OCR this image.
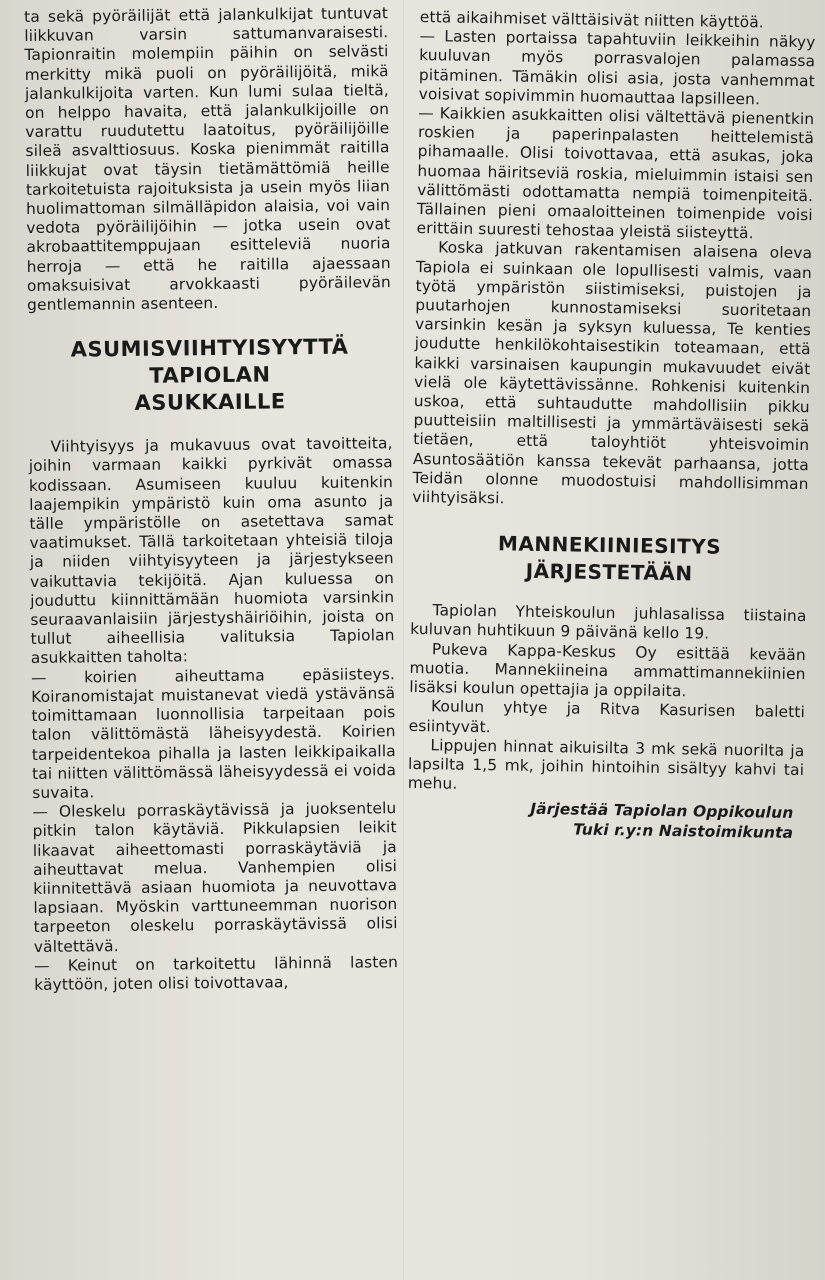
ta sekä pyöräilijät että jalankulkijat tuntuvat liikkuvan varsin sattumanvaraisesti. Tapionraitin molempiin päihin on selvästi merkitty mikä puoli on pyöräilijöitä, mikä jalankulkijoita varten. Kun lumi sulaa tieltä, on helppo havaita, että jalankulkijoille on varattu ruudutettu laatoitus, pyöräilijöille sileä asvalttiosuus. Koska pienimmät raitilla liikkujat ovat täysin tietämättömiä heille tarkoitetuista rajoituksista ja usein myös liian huolimattoman silmälläpidon alaisia, voi vain vedota pyöräilijöihin — jotka usein ovat akrobaattitemppujaan esitteleviä nuoria herroja — että he raitilla ajaessaan omaksuisivat arvokkaasti pyöräilevän gentlemannin asenteen.

ASUMISVIIHTYISYYTTÄ
TAPIOLAN
ASUKKAILLE

Viihtyisyys ja mukavuus ovat tavoitteita, joihin varmaan kaikki pyrkivät omassa kodissaan. Asumiseen kuuluu kuitenkin laajempikin ympäristö kuin oma asunto ja tälle ympäristölle on asetettava samat vaatimukset. Tällä tarkoitetaan yhteisiä tiloja ja niiden viihtyisyyteen ja järjestykseen vaikuttavia tekijöitä. Ajan kuluessa on jouduttu kiinnittämään huomiota varsinkin seuraavanlaisiin järjestyshäiriöihin, joista on tullut aiheellisia valituksia Tapiolan asukkaitten taholta:

— koirien aiheuttama epäsiisteys. Koiranomistajat muistanevat viedä ystävänsä toimittamaan luonnollisia tarpeitaan pois talon välittömästä läheisyydestä. Koirien tarpeidentekoa pihalla ja lasten leikkipaikalla tai niitten välittömässä läheisyydessä ei voida suvaita.

— Oleskelu porraskäytävissä ja juoksentelu pitkin talon käytäviä. Pikkulapsien leikit likaavat aiheettomasti porraskäytäviä ja aiheuttavat melua. Vanhempien olisi kiinnitettävä asiaan huomiota ja neuvottava lapsiaan. Myöskin varttuneemman nuorison tarpeeton oleskelu porraskäytävissä olisi vältettävä.

— Keinut on tarkoitettu lähinnä lasten käyttöön, joten olisi toivottavaa,

että aikaihmiset välttäisivät niitten käyttöä.

— Lasten portaissa tapahtuviin leikkeihin näkyy kuuluvan myös porrasvalojen palamassa pitäminen. Tämäkin olisi asia, josta vanhemmat voisivat sopivimmin huomauttaa lapsilleen.

— Kaikkien asukkaitten olisi vältettävä pienentkin roskien ja paperinpalasten heittelemistä pihamaalle. Olisi toivottavaa, että asukas, joka huomaa häiritseviä roskia, mieluimmin istaisi sen välittömästi odottamatta nempiä toimenpiteitä. Tällainen pieni omaaloitteinen toimenpide voisi erittäin suuresti tehostaa yleistä siisteyttä.

Koska jatkuvan rakentamisen alaisena oleva Tapiola ei suinkaan ole lopullisesti valmis, vaan työtä ympäristön siistimiseksi, puistojen ja puutarhojen kunnostamiseksi suoritetaan varsinkin kesän ja syksyn kuluessa, Te kenties joudutte henkilökohtaisestikin toteamaan, että kaikki varsinaisen kaupungin mukavuudet eivät vielä ole käytettävissänne. Rohkenisi kuitenkin uskoa, että suhtaudutte mahdollisiin pikku puutteisiin maltillisesti ja ymmärtäväisesti sekä tietäen, että taloyhtiöt yhteisvoimin Asuntosäätiön kanssa tekevät parhaansa, jotta Teidän olonne muodostuisi mahdollisimman viihtyisäksi.

MANNEKIINIESITYS
JÄRJESTETÄÄN

Tapiolan Yhteiskoulun juhlasalissa tiistaina kuluvan huhtikuun 9 päivänä kello 19.

Pukeva Kappa-Keskus Oy esittää kevään muotia. Mannekiineina ammattimannekiinien lisäksi koulun opettajia ja oppilaita.

Koulun yhtye ja Ritva Kasurisen baletti esiintyvät.

Lippujen hinnat aikuisilta 3 mk sekä nuorilta ja lapsilta 1,5 mk, joihin hintoihin sisältyy kahvi tai mehu.

Järjestää Tapiolan Oppikoulun
Tuki r.y:n Naistoimikunta
